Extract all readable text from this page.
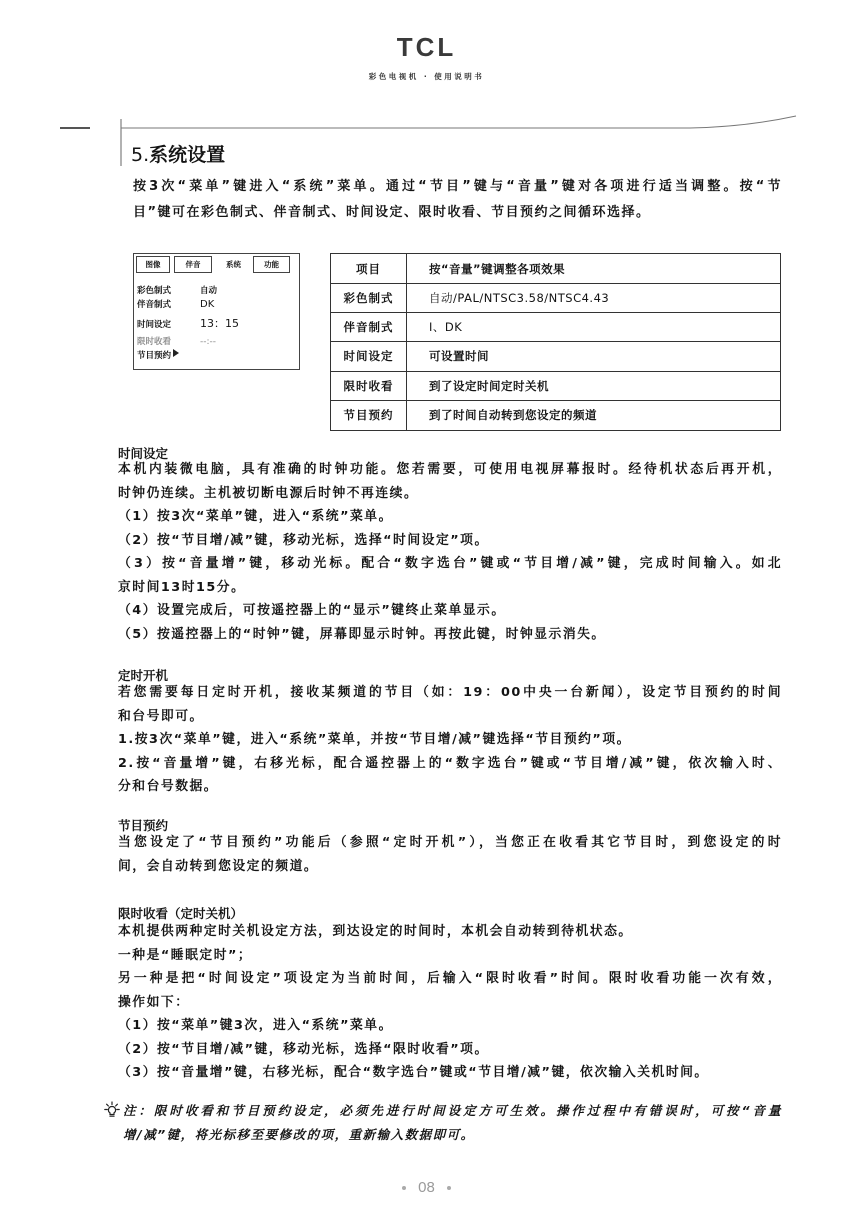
TCL
彩色电视机 · 使用说明书
5.系统设置
按3次“菜单”键进入“系统”菜单。通过“节目”键与“音量”键对各项进行适当调整。按“节
目”键可在彩色制式、伴音制式、时间设定、限时收看、节目预约之间循环选择。
图像	伴音	系统	功能
彩色制式	自动
伴音制式	DK
时间设定	13：15
限时收看	--:--
节目预约
项目	按“音量”键调整各项效果
彩色制式	自动/PAL/NTSC3.58/NTSC4.43
伴音制式	I、DK
时间设定	可设置时间
限时收看	到了设定时间定时关机
节目预约	到了时间自动转到您设定的频道
时间设定
本机内装微电脑，具有准确的时钟功能。您若需要，可使用电视屏幕报时。经待机状态后再开机，
时钟仍连续。主机被切断电源后时钟不再连续。
（1）按3次“菜单”键，进入“系统”菜单。
（2）按“节目增/减”键，移动光标，选择“时间设定”项。
（3）按“音量增”键，移动光标。配合“数字选台”键或“节目增/减”键，完成时间输入。如北
京时间13时15分。
（4）设置完成后，可按遥控器上的“显示”键终止菜单显示。
（5）按遥控器上的“时钟”键，屏幕即显示时钟。再按此键，时钟显示消失。
定时开机
若您需要每日定时开机，接收某频道的节目（如：19：00中央一台新闻），设定节目预约的时间
和台号即可。
1.按3次“菜单”键，进入“系统”菜单，并按“节目增/减”键选择“节目预约”项。
2.按“音量增”键，右移光标，配合遥控器上的“数字选台”键或“节目增/减”键，依次输入时、
分和台号数据。
节目预约
当您设定了“节目预约”功能后（参照“定时开机”），当您正在收看其它节目时，到您设定的时
间，会自动转到您设定的频道。
限时收看（定时关机）
本机提供两种定时关机设定方法，到达设定的时间时，本机会自动转到待机状态。
一种是“睡眠定时”；
另一种是把“时间设定”项设定为当前时间，后输入“限时收看”时间。限时收看功能一次有效，
操作如下：
（1）按“菜单”键3次，进入“系统”菜单。
（2）按“节目增/减”键，移动光标，选择“限时收看”项。
（3）按“音量增”键，右移光标，配合“数字选台”键或“节目增/减”键，依次输入关机时间。
注：限时收看和节目预约设定，必须先进行时间设定方可生效。操作过程中有错误时，可按“音量
增/减”键，将光标移至要修改的项，重新输入数据即可。
08
